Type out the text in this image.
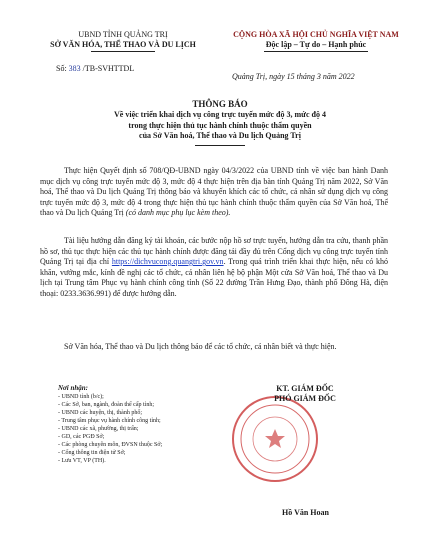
UBND TỈNH QUẢNG TRỊ
SỞ VĂN HÓA, THỂ THAO VÀ DU LỊCH
CỘNG HÒA XÃ HỘI CHỦ NGHĨA VIỆT NAM
Độc lập – Tự do – Hạnh phúc
Số: 383 /TB-SVHTTDL
Quảng Trị, ngày 15 tháng 3 năm 2022
THÔNG BÁO
Về việc triển khai dịch vụ công trực tuyến mức độ 3, mức độ 4
trong thực hiện thủ tục hành chính thuộc thẩm quyền
của Sở Văn hoá, Thể thao và Du lịch Quảng Trị
Thực hiện Quyết định số 708/QĐ-UBND ngày 04/3/2022 của UBND tỉnh về việc ban hành Danh mục dịch vụ công trực tuyến mức độ 3, mức độ 4 thực hiện trên địa bàn tỉnh Quảng Trị năm 2022, Sở Văn hoá, Thể thao và Du lịch Quảng Trị thông báo và khuyến khích các tổ chức, cá nhân sử dụng dịch vụ công trực tuyến mức độ 3, mức độ 4 trong thực hiện thủ tục hành chính thuộc thẩm quyền của Sở Văn hoá, Thể thao và Du lịch Quảng Trị (có danh mục phụ lục kèm theo).
Tài liệu hướng dẫn đăng ký tài khoản, các bước nộp hồ sơ trực tuyến, hướng dẫn tra cứu, thanh phần hồ sơ, thủ tục thực hiện các thủ tục hành chính được đăng tải đầy đủ trên Cổng dịch vụ công trực tuyến tỉnh Quảng Trị tại địa chỉ https://dichvucong.quangtri.gov.vn. Trong quá trình triển khai thực hiện, nếu có khó khăn, vướng mắc, kính đề nghị các tổ chức, cá nhân liên hệ bộ phận Một cửa Sở Văn hoá, Thể thao và Du lịch tại Trung tâm Phục vụ hành chính công tỉnh (Số 22 đường Trần Hưng Đạo, thành phố Đông Hà, điện thoại: 0233.3636.991) để được hướng dẫn.
Sở Văn hóa, Thể thao và Du lịch thông báo để các tổ chức, cá nhân biết và thực hiện.
Nơi nhận:
- UBND tỉnh (b/c);
- Các Sở, ban, ngành, đoàn thể cấp tỉnh;
- UBND các huyện, thị, thành phố;
- Trung tâm phục vụ hành chính công tỉnh;
- UBND các xã, phường, thị trấn;
- GD, các PGĐ Sở;
- Các phòng chuyên môn, ĐVSN thuộc Sở;
- Cổng thông tin điện tử Sở;
- Lưu VT, VP (TH).
KT. GIÁM ĐỐC
PHÓ GIÁM ĐỐC
Hồ Văn Hoan
